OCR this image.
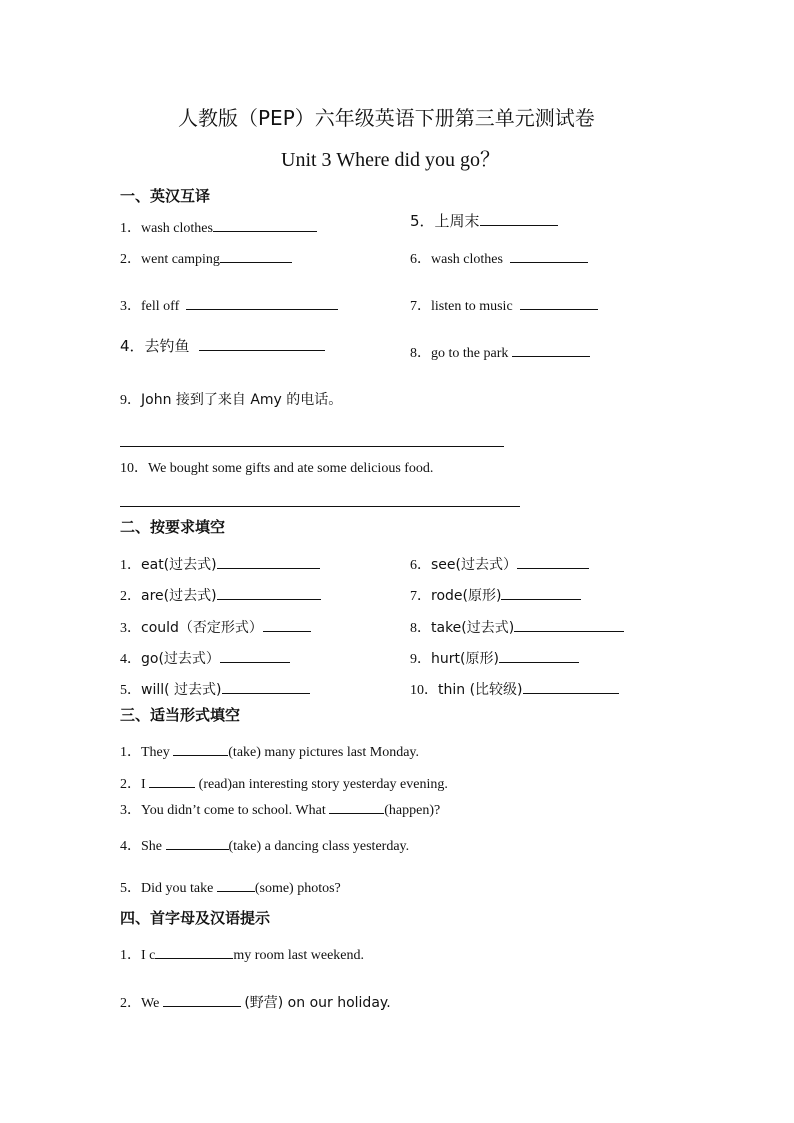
人教版（PEP）六年级英语下册第三单元测试卷
Unit 3 Where did you go？
一、英汉互译
1．wash clothes
2．went camping
3．fell off
4．去钓鱼
5．上周末
6．wash clothes
7．listen to music
8．go to the park
9．John 接到了来自 Amy 的电话。
10．We bought some gifts and ate some delicious food.
二、按要求填空
1．eat(过去式)
2．are(过去式)
3．could（否定形式）
4．go(过去式）
5．will( 过去式)
6．see(过去式）
7．rode(原形)
8．take(过去式)
9．hurt(原形)
10．thin (比较级)
三、适当形式填空
1．They	(take) many pictures last Monday.
2．I	(read)an interesting story yesterday evening.
3．You didn’t come to school. What	(happen)?
4．She	(take) a dancing class yesterday.
5．Did you take	(some) photos?
四、首字母及汉语提示
1．I c	my room last weekend.
2．We	(野营) on our holiday.
